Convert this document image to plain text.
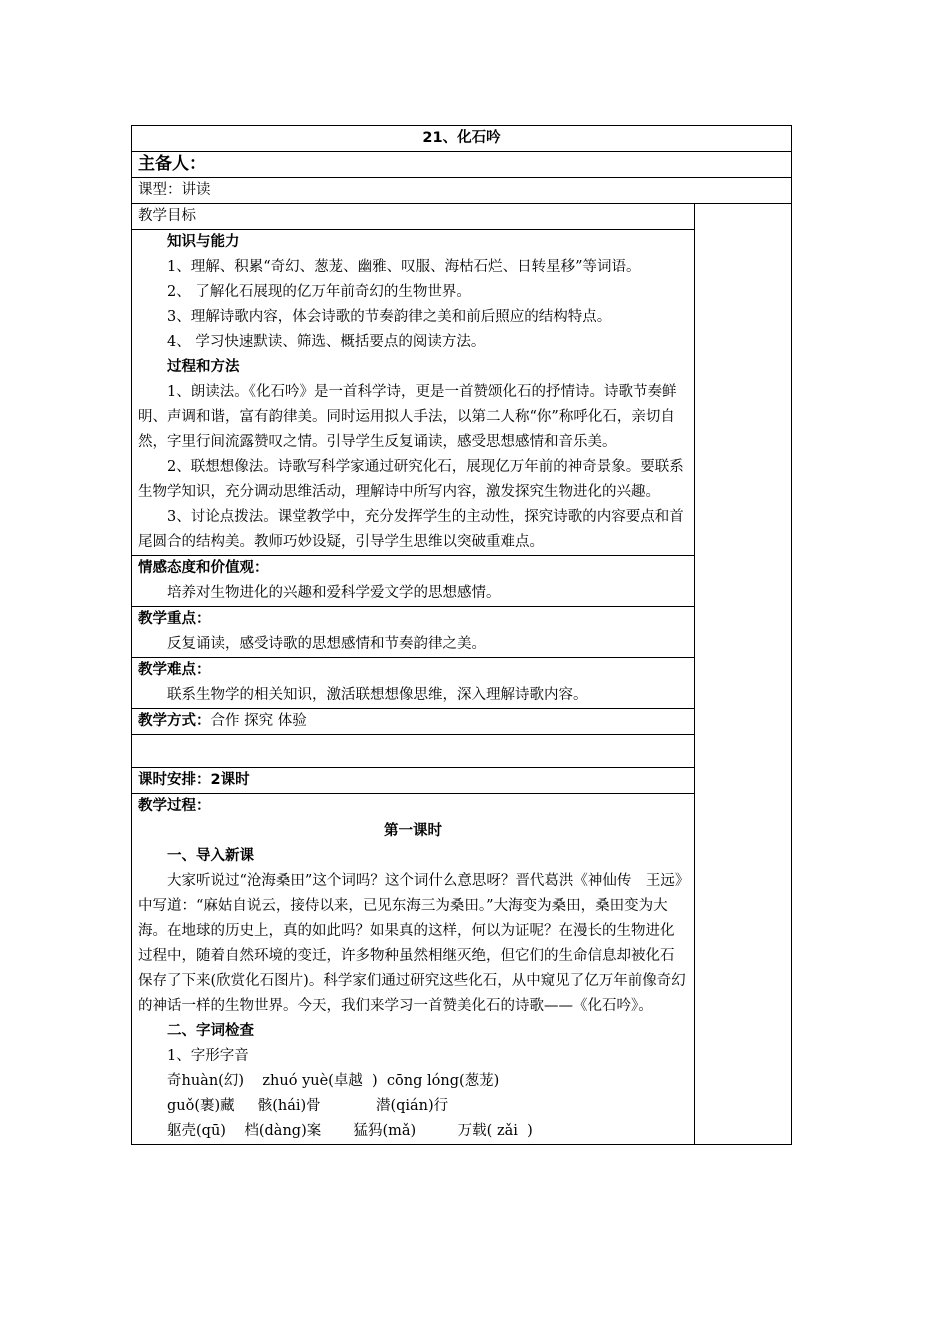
21、化石吟
主备人：
课型：讲读

教学目标

知识与能力

1、理解、积累“奇幻、葱茏、幽雅、叹服、海枯石烂、日转星移”等词语。

2、 了解化石展现的亿万年前奇幻的生物世界。

3、理解诗歌内容，体会诗歌的节奏韵律之美和前后照应的结构特点。

4、 学习快速默读、筛选、概括要点的阅读方法。

过程和方法

1、朗读法。《化石吟》是一首科学诗，更是一首赞颂化石的抒情诗。诗歌节奏鲜明、声调和谐，富有韵律美。同时运用拟人手法，以第二人称“你”称呼化石，亲切自然，字里行间流露赞叹之情。引导学生反复诵读，感受思想感情和音乐美。

2、联想想像法。诗歌写科学家通过研究化石，展现亿万年前的神奇景象。要联系生物学知识，充分调动思维活动，理解诗中所写内容，激发探究生物进化的兴趣。

3、讨论点拨法。课堂教学中，充分发挥学生的主动性，探究诗歌的内容要点和首尾圆合的结构美。教师巧妙设疑，引导学生思维以突破重难点。

情感态度和价值观：

培养对生物进化的兴趣和爱科学爱文学的思想感情。

教学重点：

反复诵读，感受诗歌的思想感情和节奏韵律之美。

教学难点：

联系生物学的相关知识，激活联想想像思维，深入理解诗歌内容。

教学方式：合作 探究 体验

课时安排：2课时

教学过程：

第一课时

一、导入新课

大家听说过“沧海桑田”这个词吗？这个词什么意思呀？晋代葛洪《神仙传　王远》中写道：“麻姑自说云，接侍以来，已见东海三为桑田。”大海变为桑田，桑田变为大海。在地球的历史上，真的如此吗？如果真的这样，何以为证呢？在漫长的生物进化过程中，随着自然环境的变迁，许多物种虽然相继灭绝，但它们的生命信息却被化石保存了下来(欣赏化石图片)。科学家们通过研究这些化石，从中窥见了亿万年前像奇幻的神话一样的生物世界。今天，我们来学习一首赞美化石的诗歌——《化石吟》。

二、字词检查

1、字形字音

奇huàn(幻)    zhuó yuè(卓越  )  cōng lóng(葱茏)

guǒ(裹)藏     骸(hái)骨            潜(qián)行

躯壳(qū)    档(dàng)案       猛犸(mǎ)         万载( zǎi  )
